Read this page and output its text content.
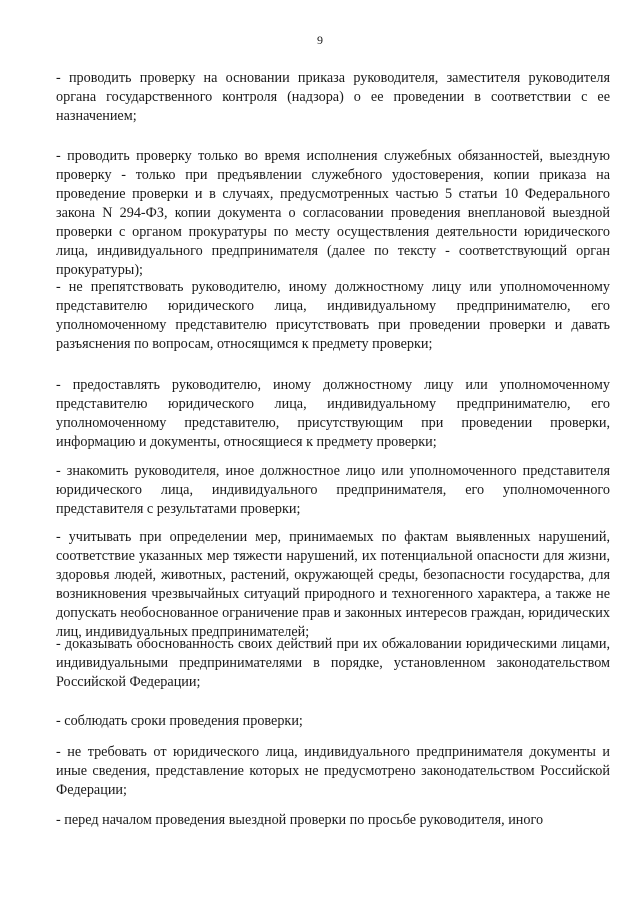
9

- проводить проверку на основании приказа руководителя, заместителя руководителя органа государственного контроля (надзора) о ее проведении в соответствии с ее назначением;

- проводить проверку только во время исполнения служебных обязанностей, выездную проверку - только при предъявлении служебного удостоверения, копии приказа на проведение проверки и в случаях, предусмотренных частью 5 статьи 10 Федерального закона N 294-ФЗ, копии документа о согласовании проведения внеплановой выездной проверки с органом прокуратуры по месту осуществления деятельности юридического лица, индивидуального предпринимателя (далее по тексту - соответствующий орган прокуратуры);

- не препятствовать руководителю, иному должностному лицу или уполномоченному представителю юридического лица, индивидуальному предпринимателю, его уполномоченному представителю присутствовать при проведении проверки и давать разъяснения по вопросам, относящимся к предмету проверки;

- предоставлять руководителю, иному должностному лицу или уполномоченному представителю юридического лица, индивидуальному предпринимателю, его уполномоченному представителю, присутствующим при проведении проверки, информацию и документы, относящиеся к предмету проверки;

- знакомить руководителя, иное должностное лицо или уполномоченного представителя юридического лица, индивидуального предпринимателя, его уполномоченного представителя с результатами проверки;

- учитывать при определении мер, принимаемых по фактам выявленных нарушений, соответствие указанных мер тяжести нарушений, их потенциальной опасности для жизни, здоровья людей, животных, растений, окружающей среды, безопасности государства, для возникновения чрезвычайных ситуаций природного и техногенного характера, а также не допускать необоснованное ограничение прав и законных интересов граждан, юридических лиц, индивидуальных предпринимателей;

- доказывать обоснованность своих действий при их обжаловании юридическими лицами, индивидуальными предпринимателями в порядке, установленном законодательством Российской Федерации;

- соблюдать сроки проведения проверки;

- не требовать от юридического лица, индивидуального предпринимателя документы и иные сведения, представление которых не предусмотрено законодательством Российской Федерации;

- перед началом проведения выездной проверки по просьбе руководителя, иного
